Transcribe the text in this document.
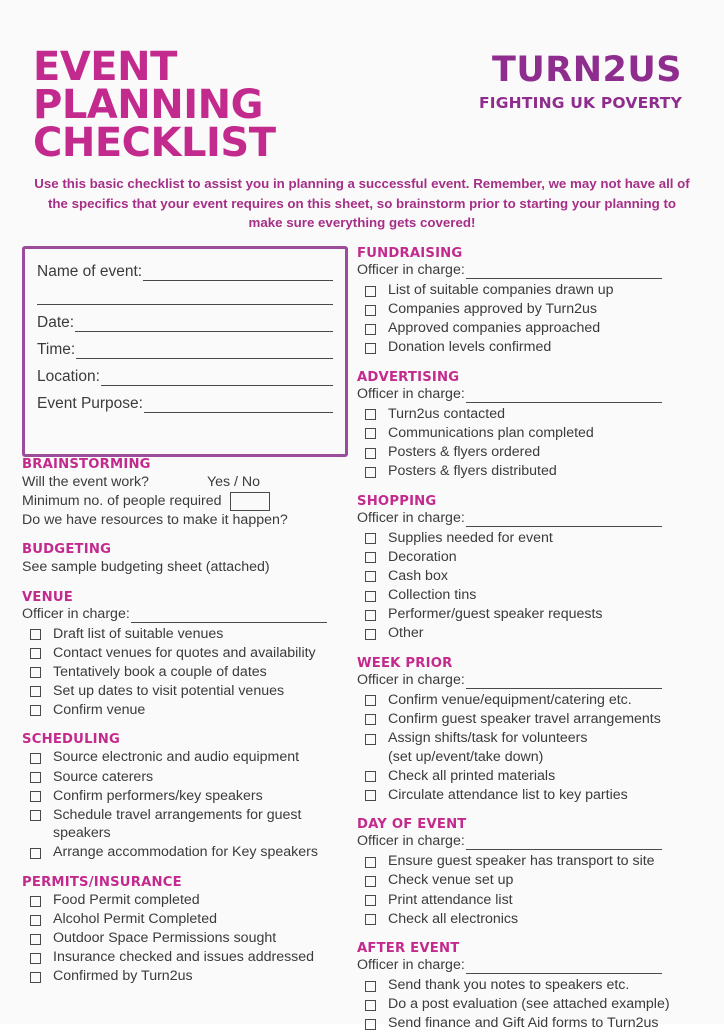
EVENT
PLANNING
CHECKLIST
TURN2US
FIGHTING UK POVERTY
Use this basic checklist to assist you in planning a successful event. Remember, we may not have all of the specifics that your event requires on this sheet, so brainstorm prior to starting your planning to make sure everything gets covered!
Name of event:
Date:
Time:
Location:
Event Purpose:
BRAINSTORMING
Will the event work?	Yes / No
Minimum no. of people required
Do we have resources to make it happen?
BUDGETING
See sample budgeting sheet (attached)
VENUE
Officer in charge:
Draft list of suitable venues
Contact venues for quotes and availability
Tentatively book a couple of dates
Set up dates to visit potential venues
Confirm venue
SCHEDULING
Source electronic and audio equipment
Source caterers
Confirm performers/key speakers
Schedule travel arrangements for guest speakers
Arrange accommodation for Key speakers
PERMITS/INSURANCE
Food Permit completed
Alcohol Permit Completed
Outdoor Space Permissions sought
Insurance checked and issues addressed
Confirmed by Turn2us
FUNDRAISING
Officer in charge:
List of suitable companies drawn up
Companies approved by Turn2us
Approved companies approached
Donation levels confirmed
ADVERTISING
Officer in charge:
Turn2us contacted
Communications plan completed
Posters & flyers ordered
Posters & flyers distributed
SHOPPING
Officer in charge:
Supplies needed for event
Decoration
Cash box
Collection tins
Performer/guest speaker requests
Other
WEEK PRIOR
Officer in charge:
Confirm venue/equipment/catering etc.
Confirm guest speaker travel arrangements
Assign shifts/task for volunteers
(set up/event/take down)
Check all printed materials
Circulate attendance list to key parties
DAY OF EVENT
Officer in charge:
Ensure guest speaker has transport to site
Check venue set up
Print attendance list
Check all electronics
AFTER EVENT
Officer in charge:
Send thank you notes to speakers etc.
Do a post evaluation (see attached example)
Send finance and Gift Aid forms to Turn2us
